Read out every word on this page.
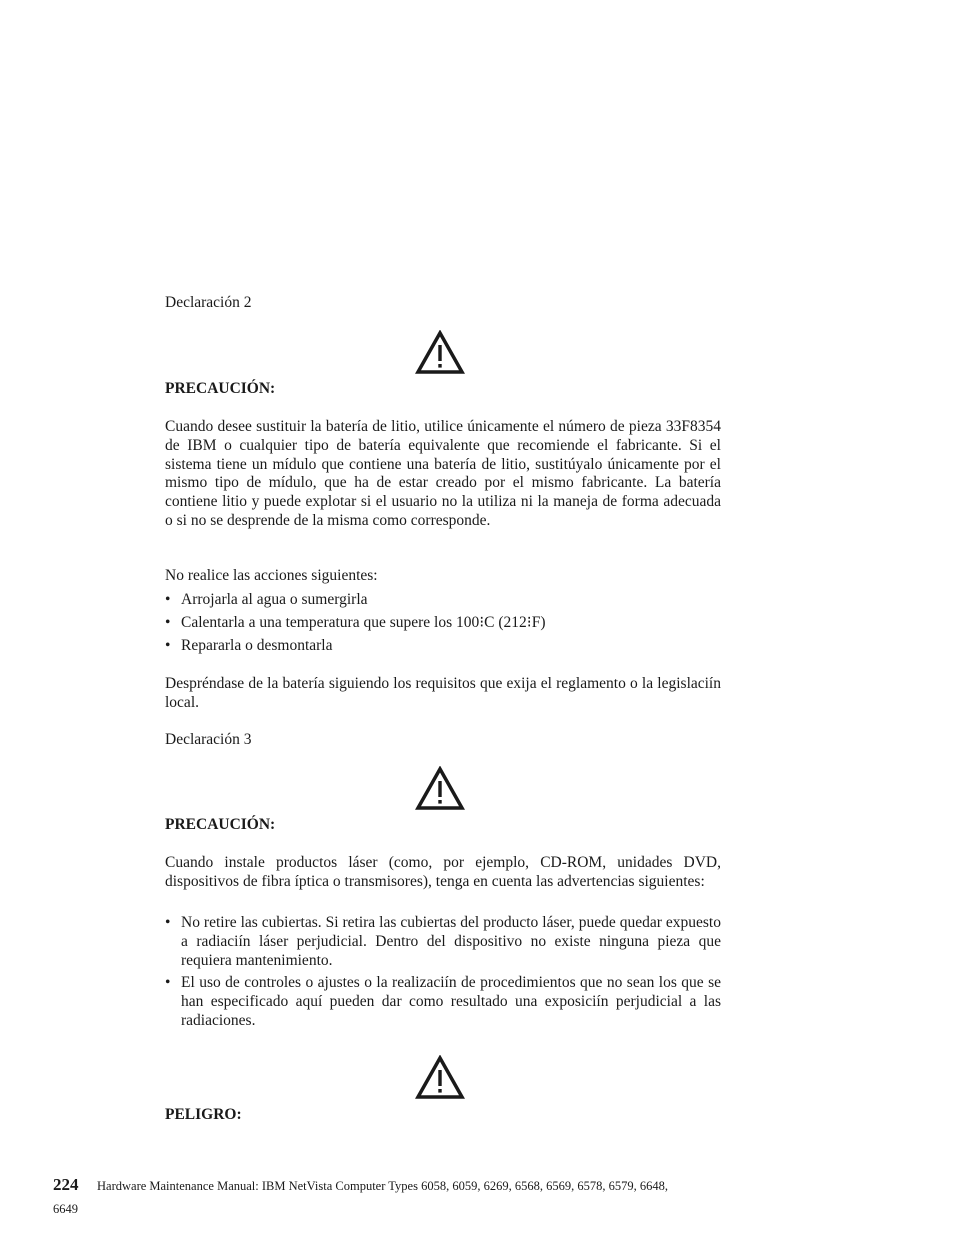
Declaración 2

PRECAUCIÓN:

Cuando desee sustituir la batería de litio, utilice únicamente el número de pieza 33F8354 de IBM o cualquier tipo de batería equivalente que recomiende el fabricante. Si el sistema tiene un mídulo que contiene una batería de litio, sustitúyalo únicamente por el mismo tipo de mídulo, que ha de estar creado por el mismo fabricante. La batería contiene litio y puede explotar si el usuario no la utiliza ni la maneja de forma adecuada o si no se desprende de la misma como corresponde.

No realice las acciones siguientes:

• Arrojarla al agua o sumergirla
• Calentarla a una temperatura que supere los 100⁝C (212⁝F)
• Repararla o desmontarla

Despréndase de la batería siguiendo los requisitos que exija el reglamento o la legislaciín local.

Declaración 3

PRECAUCIÓN:

Cuando instale productos láser (como, por ejemplo, CD-ROM, unidades DVD, dispositivos de fibra íptica o transmisores), tenga en cuenta las advertencias siguientes:

• No retire las cubiertas. Si retira las cubiertas del producto láser, puede quedar expuesto a radiaciín láser perjudicial. Dentro del dispositivo no existe ninguna pieza que requiera mantenimiento.
• El uso de controles o ajustes o la realizaciín de procedimientos que no sean los que se han especificado aquí pueden dar como resultado una exposiciín perjudicial a las radiaciones.

PELIGRO:

224 Hardware Maintenance Manual: IBM NetVista Computer Types 6058, 6059, 6269, 6568, 6569, 6578, 6579, 6648,
6649
